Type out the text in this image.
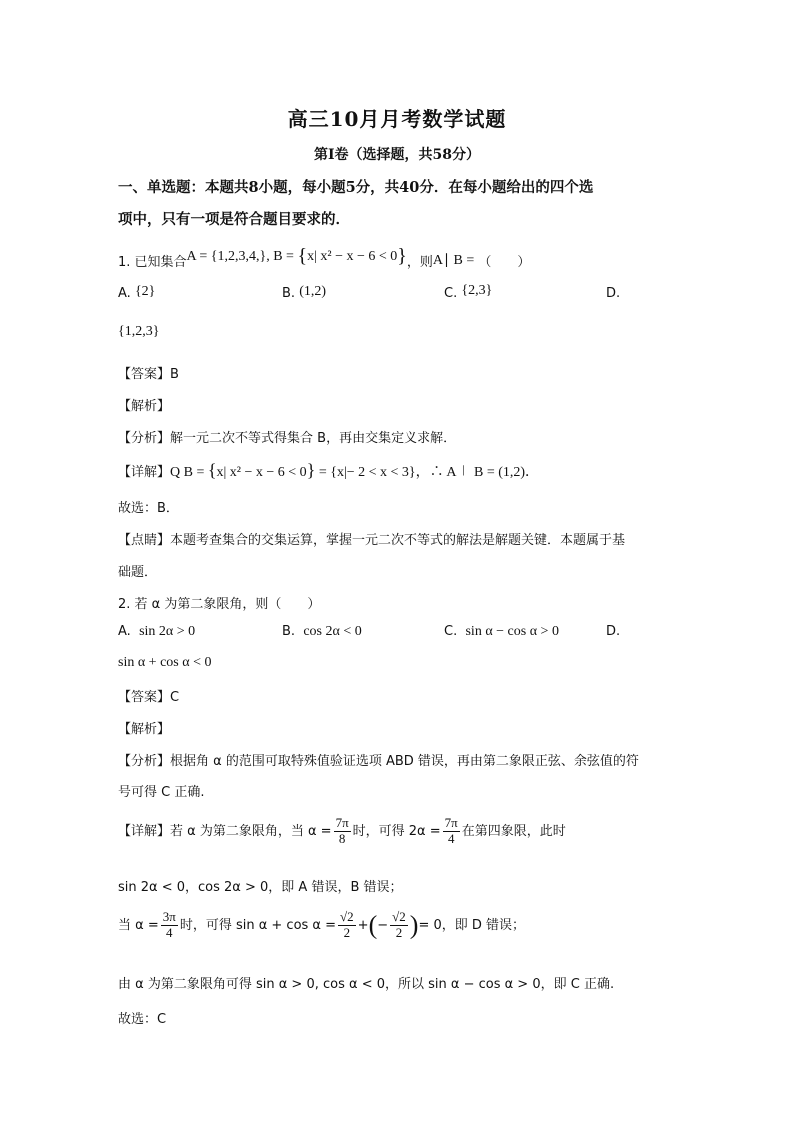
高三10月月考数学试题
第I卷（选择题，共58分）
一、单选题：本题共8小题，每小题5分，共40分．在每小题给出的四个选
项中，只有一项是符合题目要求的．
1. 已知集合A = {1,2,3,4,}, B = {x| x² − x − 6 < 0}，则A∣ B = （　　）
A. {2}	B. (1,2)	C. {2,3}	D.
{1,2,3}
【答案】B
【解析】
【分析】解一元二次不等式得集合 B，再由交集定义求解．
【详解】Q B = {x| x² − x − 6 < 0} = {x|− 2 < x < 3}，∴ A∣ B = (1,2)．
故选：B．
【点睛】本题考查集合的交集运算，掌握一元二次不等式的解法是解题关键．本题属于基
础题．
2. 若 α 为第二象限角，则（　　）
A. sin 2α > 0	B. cos 2α < 0	C. sin α − cos α > 0	D.
sin α + cos α < 0
【答案】C
【解析】
【分析】根据角 α 的范围可取特殊值验证选项 ABD 错误，再由第二象限正弦、余弦值的符
号可得 C 正确.
【详解】若 α 为第二象限角，当 $\alpha = \frac{7\pi}{8}$ 时，可得 $2\alpha = \frac{7\pi}{4}$ 在第四象限，此时
sin 2α < 0，cos 2α > 0，即 A 错误，B 错误；
当 $\alpha = \frac{3\pi}{4}$ 时，可得 $\sin \alpha + \cos \alpha = \frac{√2}{2}$ +(− $\frac{√2}{2}$ )= 0，即 D 错误；
由 α 为第二象限角可得 sin α > 0, cos α < 0，所以 sin α − cos α > 0，即 C 正确.
故选：C
